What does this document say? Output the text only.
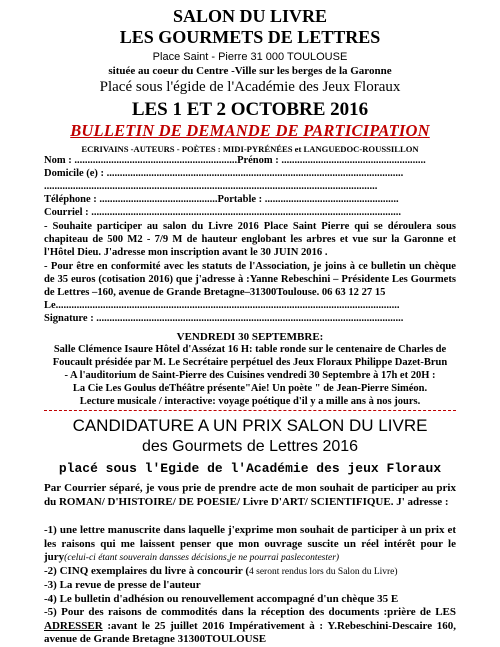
SALON DU LIVRE
LES GOURMETS DE LETTRES
Place Saint - Pierre 31 000 TOULOUSE
située au coeur du Centre -Ville sur les berges de la Garonne
Placé sous l'égide de l'Académie des Jeux Floraux
LES 1 ET 2 OCTOBRE 2016
BULLETIN DE DEMANDE DE PARTICIPATION
ECRIVAINS -AUTEURS - POÈTES : MIDI-PYRÉNÉES et LANGUEDOC-ROUSSILLON
Nom : ..............................................................Prénom : .......................................................
Domicile (e) : .................................................................................................................
...............................................................................................................................
Téléphone : .............................................Portable : ...................................................
Courriel : ......................................................................................................................
- Souhaite participer au salon du Livre 2016 Place Saint Pierre qui se déroulera sous chapiteau de 500 M2 - 7/9 M de hauteur englobant les arbres et vue sur la Garonne et l'Hôtel Dieu. J'adresse mon inscription avant le 30 JUIN 2016 .
- Pour être en conformité avec les statuts de l'Association, je joins à ce bulletin un chèque de 35 euros (cotisation 2016) que j'adresse à :Yanne Rebeschini – Présidente Les Gourmets de Lettres –160, avenue de Grande Bretagne–31300Toulouse. 06 63 12 27 15
Le...................................................................................................................................
Signature : .....................................................................................................................
VENDREDI 30 SEPTEMBRE:
Salle Clémence Isaure Hôtel d'Assézat 16 H: table ronde sur le centenaire de Charles de
Foucault présidée par M. Le Secrétaire perpétuel des Jeux Floraux Philippe Dazet-Brun
- A l'auditorium de Saint-Pierre des Cuisines vendredi 30 Septembre à 17h et 20H :
La Cie Les Goulus deThéâtre présente"Aie! Un poète " de Jean-Pierre Siméon.
Lecture musicale / interactive: voyage poétique d'il y a mille ans à nos jours.
CANDIDATURE A UN PRIX SALON DU LIVRE
des Gourmets de Lettres 2016
placé sous l'Egide de l'Académie des jeux Floraux
Par Courrier séparé, je vous prie de prendre acte de mon souhait de participer au prix du ROMAN/ D'HISTOIRE/ DE POESIE/ Livre D'ART/ SCIENTIFIQUE. J' adresse :
-1) une lettre manuscrite dans laquelle j'exprime mon souhait de participer à un prix et les raisons qui me laissent penser que mon ouvrage suscite un réel intérêt pour le jury(celui-ci étant souverain dansses décisions,je ne pourrai paslecontester)
-2) CINQ exemplaires du livre à concourir (4 seront rendus lors du Salon du Livre)
-3) La revue de presse de l'auteur
-4) Le bulletin d'adhésion ou renouvellement accompagné d'un chèque 35 E
-5) Pour des raisons de commodités dans la réception des documents :prière de LES ADRESSER :avant le 25 juillet 2016 Impérativement à : Y.Rebeschini-Descaire 160, avenue de Grande Bretagne 31300TOULOUSE
